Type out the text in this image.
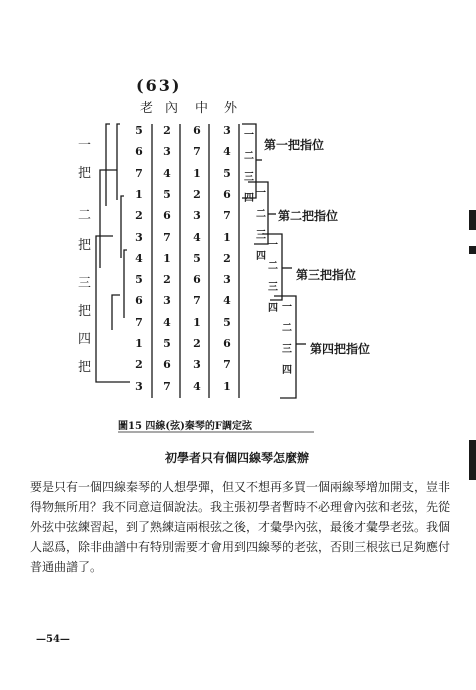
(63)
老 內 中 外
一
把
二
把
三
把
四
把
5
6
7
1
2
3
4
5
6
7
1
2
3
2
3
4
5
6
7
1
2
3
4
5
6
7
6
7
1
2
3
4
5
6
7
1
2
3
4
3
4
5
6
7
1
2
3
4
5
6
7
1
一
二
三
四 一
二
三
四
一
二
三
四 一
二
三
四
第一把指位
第二把指位
第三把指位
第四把指位
圖15 四線(弦)秦琴的F調定弦
初學者只有個四線琴怎麼辦
要是只有一個四線秦琴的人想學彈，但又不想再多買一個兩線琴增加開支，豈非得物無所用？我不同意這個說法。我主張初學者暫時不必理會內弦和老弦，先從外弦中弦練習起，到了熟練這兩根弦之後，才彙學內弦，最後才彙學老弦。我個人認爲，除非曲譜中有特別需要才會用到四線琴的老弦，否則三根弦已足夠應付普通曲譜了。
—54—
